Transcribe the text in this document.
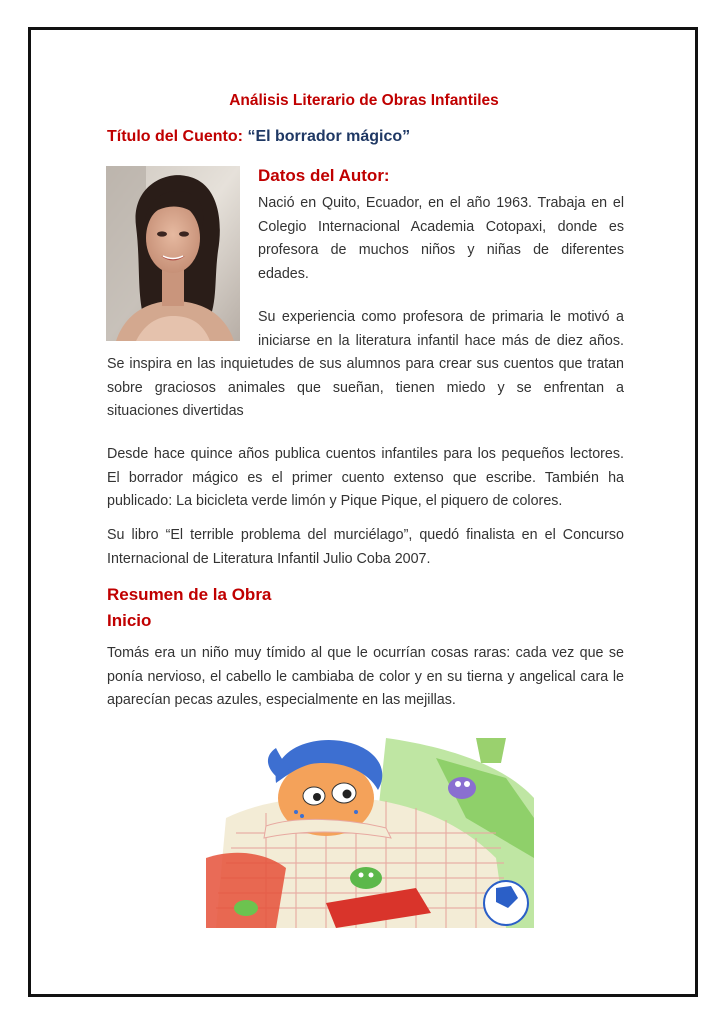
Análisis Literario de Obras Infantiles
Título del Cuento: “El borrador mágico”
Datos del Autor:
Nació en Quito, Ecuador, en el año 1963. Trabaja en el
Colegio Internacional Academia Cotopaxi, donde es
profesora de muchos niños y niñas de diferentes
edades.
Su experiencia como profesora de primaria le motivó a
iniciarse en la literatura infantil hace más de diez años.
Se inspira en las inquietudes de sus alumnos para crear sus cuentos que tratan
sobre graciosos animales que sueñan, tienen miedo y se enfrentan a
situaciones divertidas
Desde hace quince años publica cuentos infantiles para los pequeños lectores.
El borrador mágico es el primer cuento extenso que escribe. También ha
publicado: La bicicleta verde limón y Pique Pique, el piquero de colores.
Su libro “El terrible problema del murciélago”, quedó finalista en el Concurso
Internacional de Literatura Infantil Julio Coba 2007.
Resumen de la Obra
Inicio
Tomás era un niño muy tímido al que le ocurrían cosas raras: cada vez que se
ponía nervioso, el cabello le cambiaba de color y en su tierna y angelical cara le
aparecían pecas azules, especialmente en las mejillas.
